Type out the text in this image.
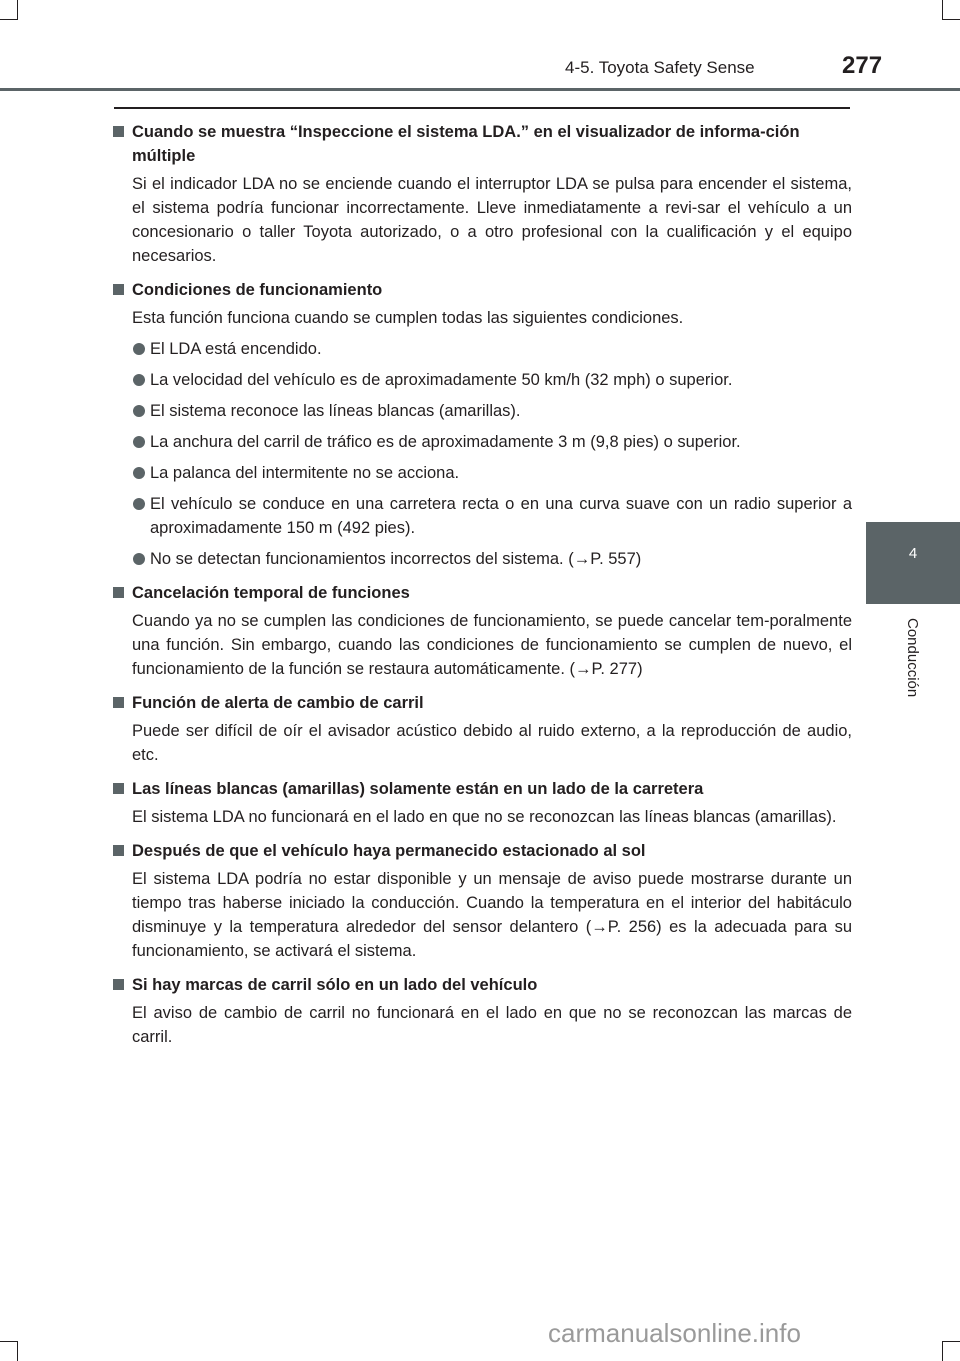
4-5. Toyota Safety Sense	277
4
Conducción
Cuando se muestra “Inspeccione el sistema LDA.” en el visualizador de informa-ción múltiple
Si el indicador LDA no se enciende cuando el interruptor LDA se pulsa para encender el sistema, el sistema podría funcionar incorrectamente. Lleve inmediatamente a revi-sar el vehículo a un concesionario o taller Toyota autorizado, o a otro profesional con la cualificación y el equipo necesarios.
Condiciones de funcionamiento
Esta función funciona cuando se cumplen todas las siguientes condiciones.
El LDA está encendido.
La velocidad del vehículo es de aproximadamente 50 km/h (32 mph) o superior.
El sistema reconoce las líneas blancas (amarillas).
La anchura del carril de tráfico es de aproximadamente 3 m (9,8 pies) o superior.
La palanca del intermitente no se acciona.
El vehículo se conduce en una carretera recta o en una curva suave con un radio superior a aproximadamente 150 m (492 pies).
No se detectan funcionamientos incorrectos del sistema. (→P. 557)
Cancelación temporal de funciones
Cuando ya no se cumplen las condiciones de funcionamiento, se puede cancelar tem-poralmente una función. Sin embargo, cuando las condiciones de funcionamiento se cumplen de nuevo, el funcionamiento de la función se restaura automáticamente. (→P. 277)
Función de alerta de cambio de carril
Puede ser difícil de oír el avisador acústico debido al ruido externo, a la reproducción de audio, etc.
Las líneas blancas (amarillas) solamente están en un lado de la carretera
El sistema LDA no funcionará en el lado en que no se reconozcan las líneas blancas (amarillas).
Después de que el vehículo haya permanecido estacionado al sol
El sistema LDA podría no estar disponible y un mensaje de aviso puede mostrarse durante un tiempo tras haberse iniciado la conducción. Cuando la temperatura en el interior del habitáculo disminuye y la temperatura alrededor del sensor delantero (→P. 256) es la adecuada para su funcionamiento, se activará el sistema.
Si hay marcas de carril sólo en un lado del vehículo
El aviso de cambio de carril no funcionará en el lado en que no se reconozcan las marcas de carril.
carmanualsonline.info
